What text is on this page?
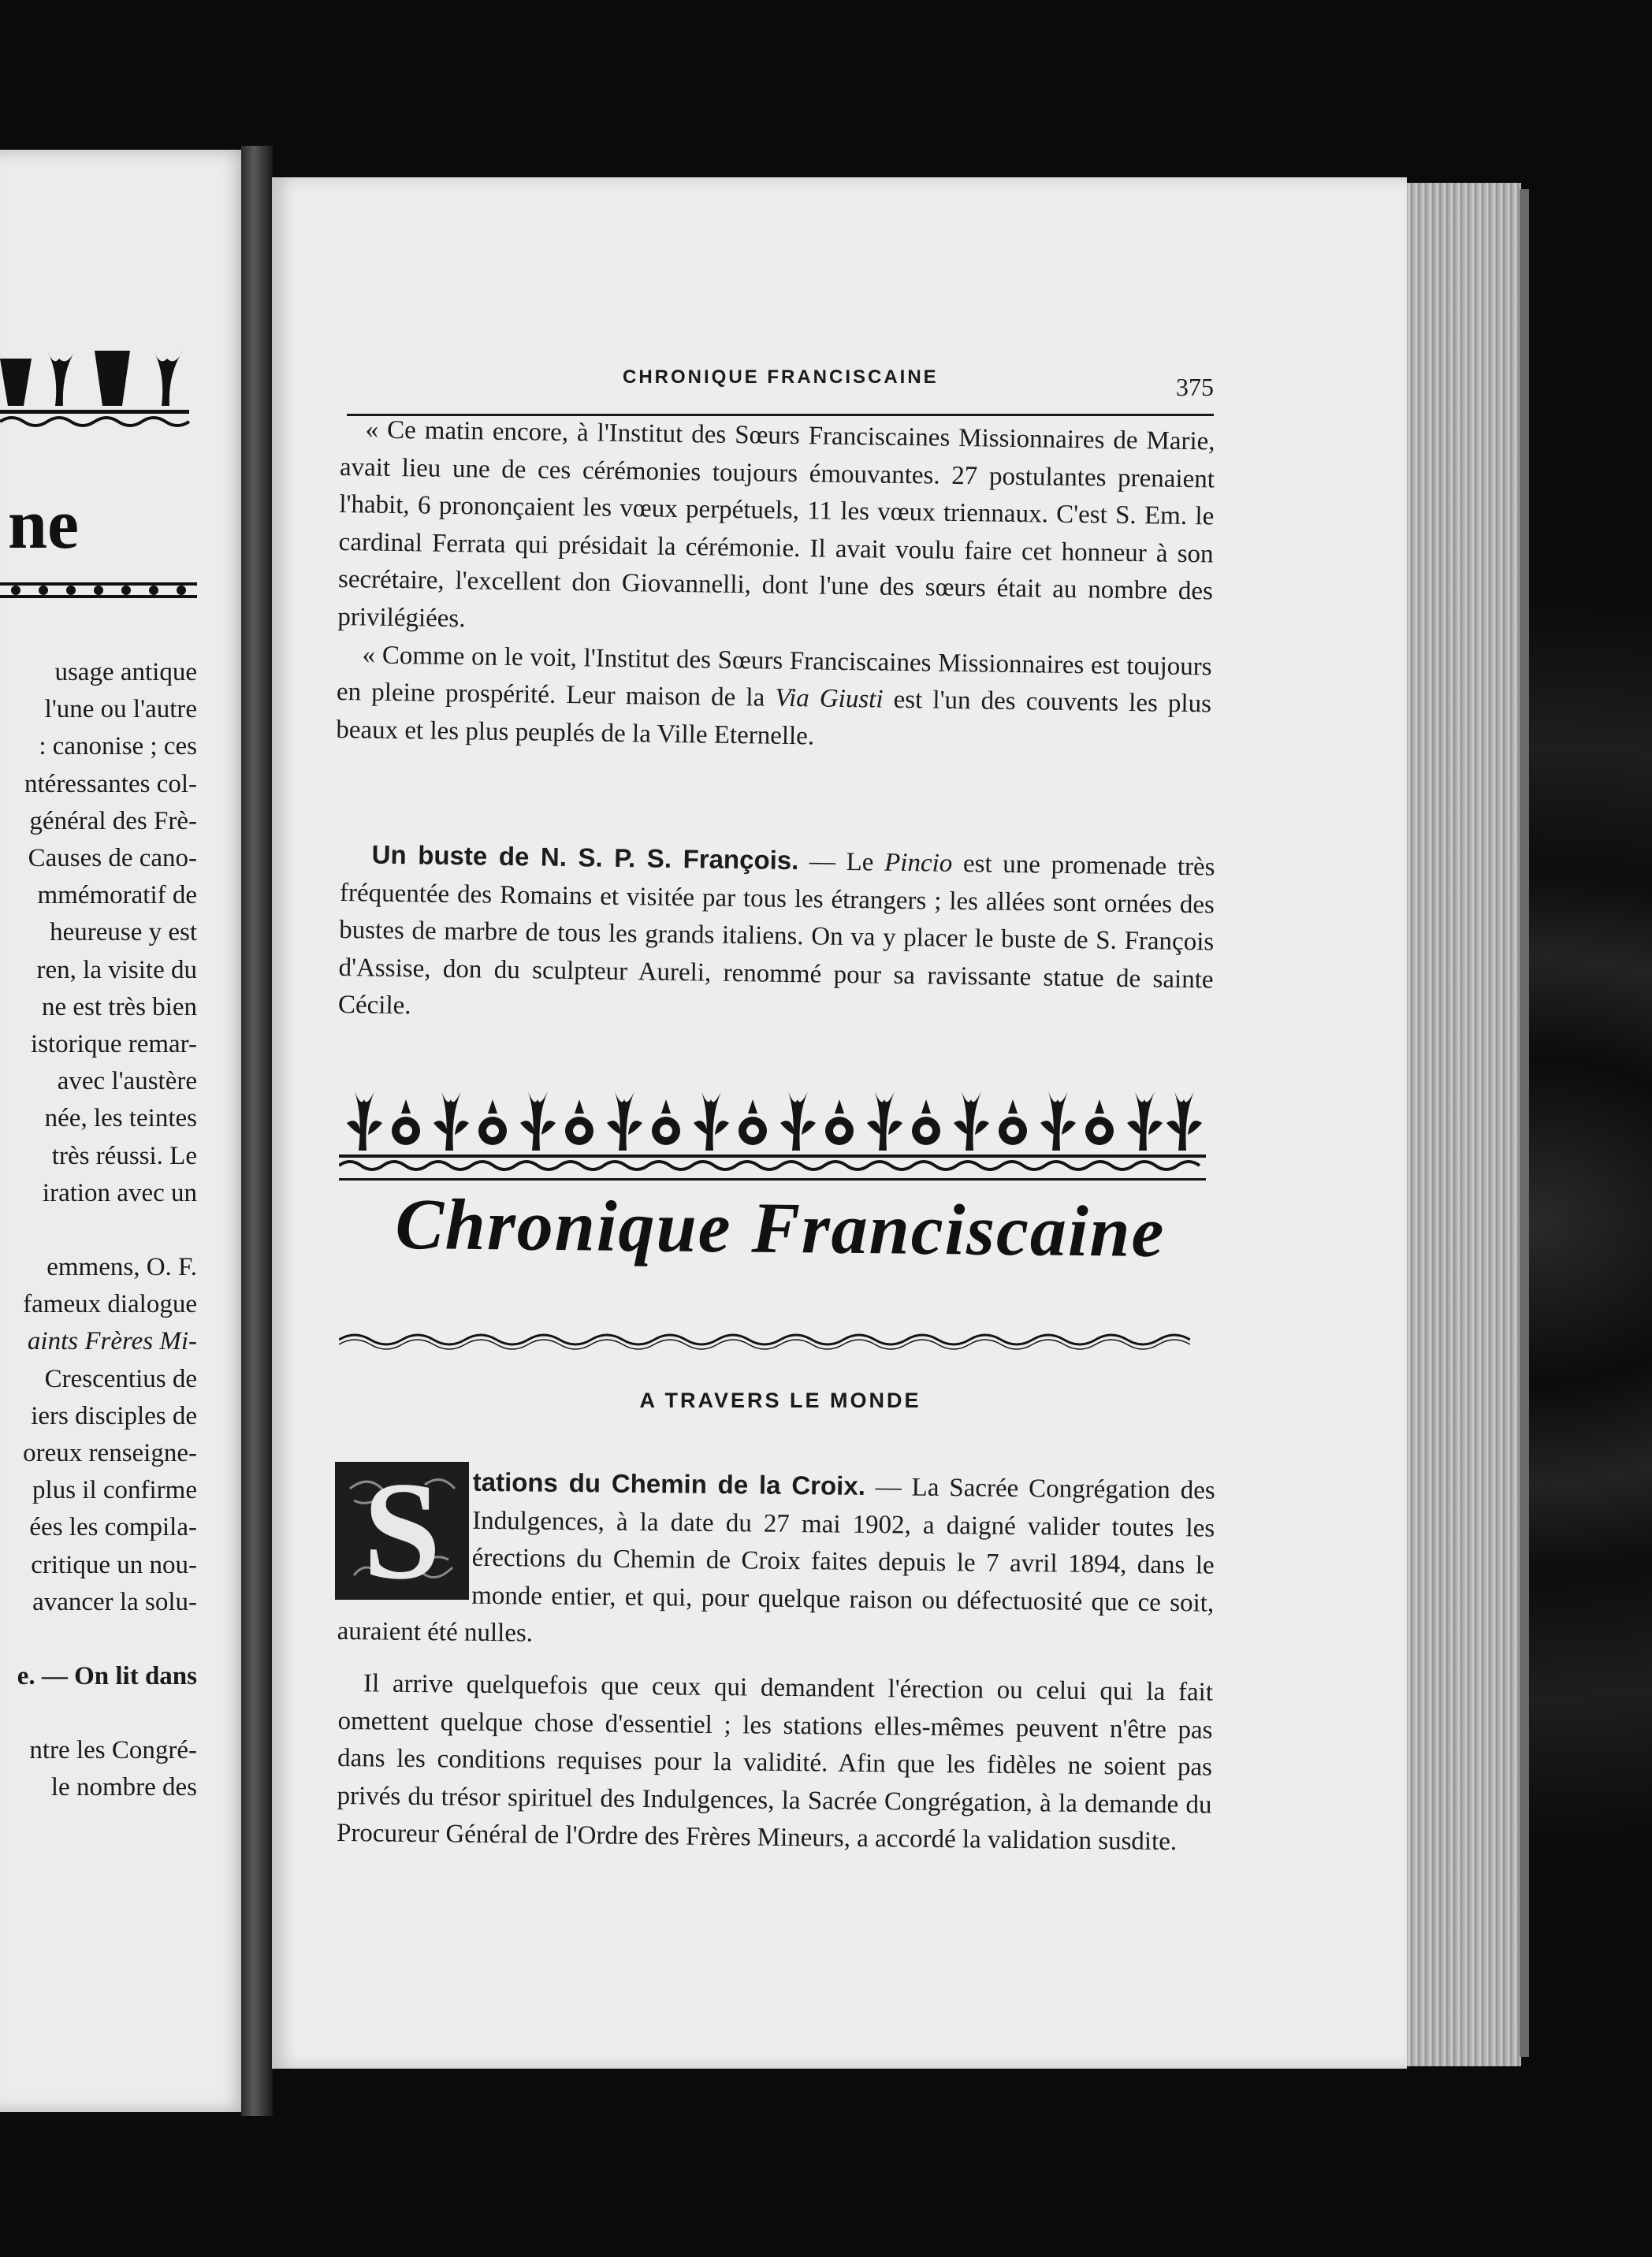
ne
usage antique
l'une ou l'autre
: canonise ; ces
ntéressantes col-
général des Frè-
Causes de cano-
mmémoratif de
heureuse y est
ren, la visite du
ne est très bien
istorique remar-
avec l'austère
née, les teintes
très réussi. Le
iration avec un
emmens, O. F.
fameux dialogue
aints Frères Mi-
Crescentius de
iers disciples de
oreux renseigne-
plus il confirme
ées les compila-
critique un nou-
avancer la solu-
e. — On lit dans
ntre les Congré-
le nombre des
CHRONIQUE FRANCISCAINE	375

« Ce matin encore, à l'Institut des Sœurs Franciscaines Missionnaires de Marie, avait lieu une de ces cérémonies toujours émouvantes. 27 postulantes prenaient l'habit, 6 prononçaient les vœux perpétuels, 11 les vœux triennaux. C'est S. Em. le cardinal Ferrata qui présidait la cérémonie. Il avait voulu faire cet honneur à son secrétaire, l'excellent don Giovannelli, dont l'une des sœurs était au nombre des privilégiées.

« Comme on le voit, l'Institut des Sœurs Franciscaines Missionnaires est toujours en pleine prospérité. Leur maison de la Via Giusti est l'un des couvents les plus beaux et les plus peuplés de la Ville Eternelle.

Un buste de N. S. P. S. François. — Le Pincio est une promenade très fréquentée des Romains et visitée par tous les étrangers ; les allées sont ornées des bustes de marbre de tous les grands italiens. On va y placer le buste de S. François d'Assise, don du sculpteur Aureli, renommé pour sa ravissante statue de sainte Cécile.

Chronique Franciscaine
A TRAVERS LE MONDE
S	tations du Chemin de la Croix. — La Sacrée Congrégation des Indulgences, à la date du 27 mai 1902, a daigné valider toutes les érections du Chemin de Croix faites depuis le 7 avril 1894, dans le monde entier, et qui, pour quelque raison ou défectuosité que ce soit, auraient été nulles.

Il arrive quelquefois que ceux qui demandent l'érection ou celui qui la fait omettent quelque chose d'essentiel ; les stations elles-mêmes peuvent n'être pas dans les conditions requises pour la validité. Afin que les fidèles ne soient pas privés du trésor spirituel des Indulgences, la Sacrée Congrégation, à la demande du Procureur Général de l'Ordre des Frères Mineurs, a accordé la validation susdite.
